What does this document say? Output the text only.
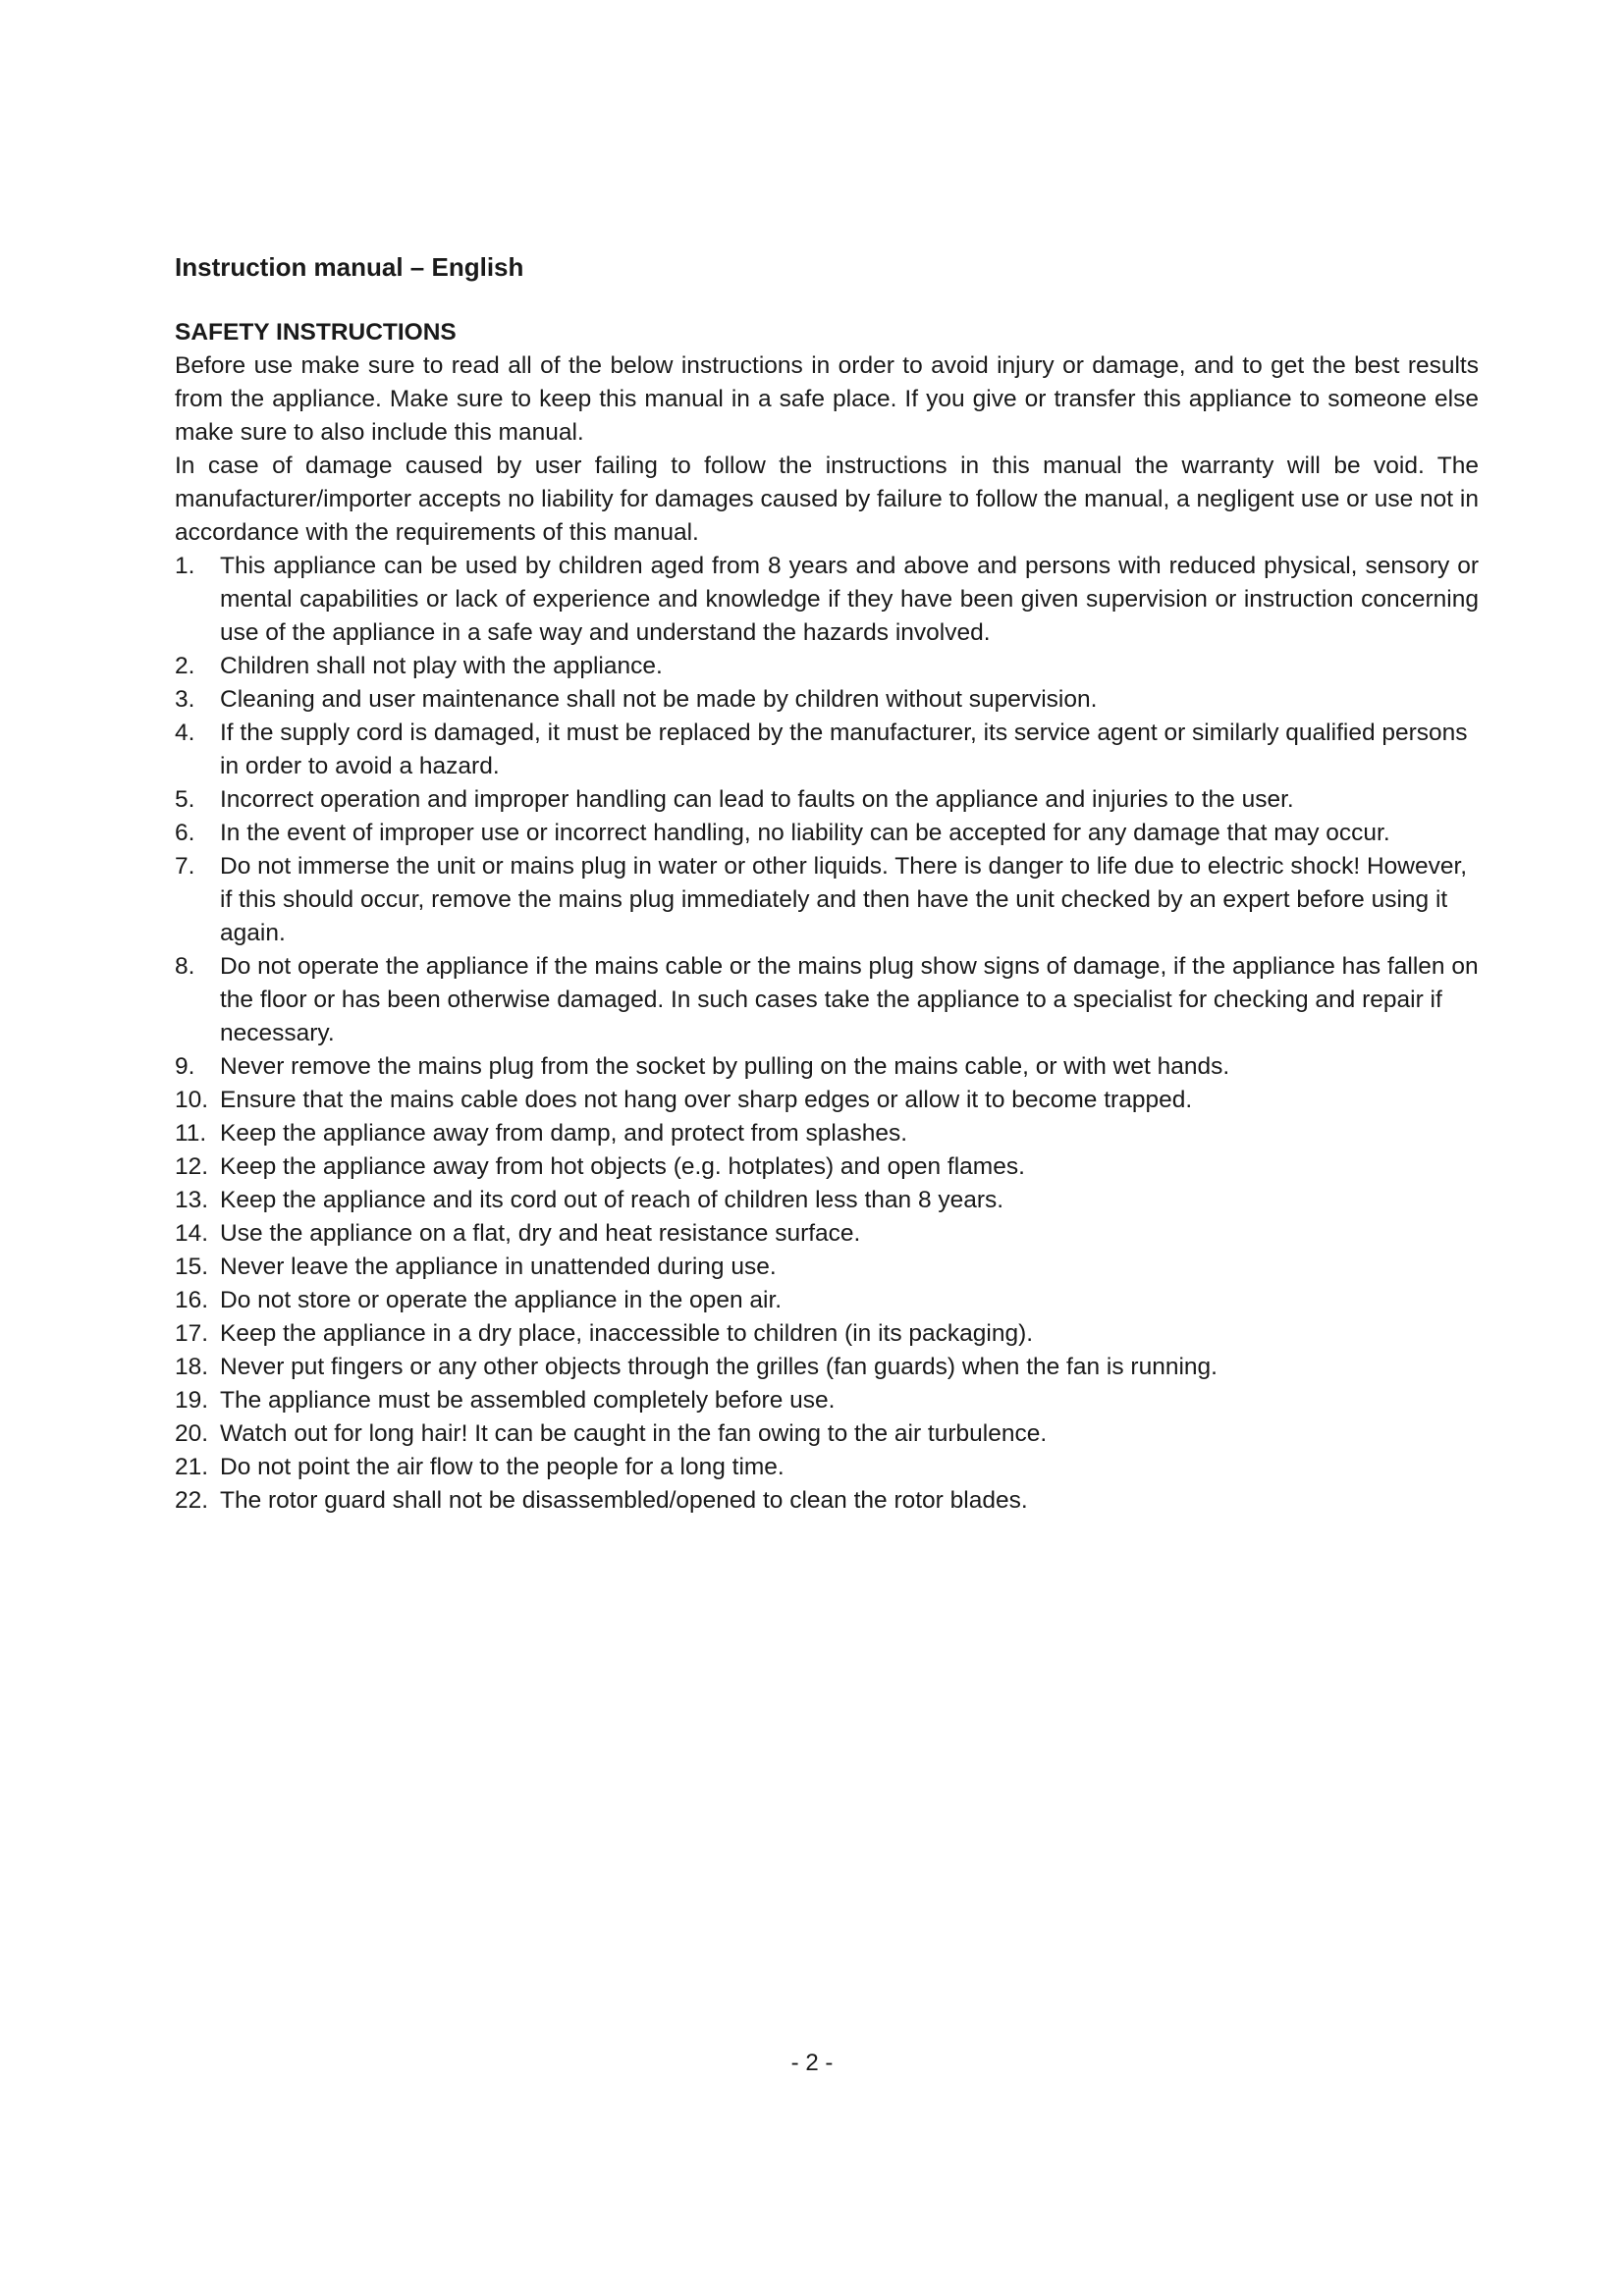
Instruction manual – English
SAFETY INSTRUCTIONS

Before use make sure to read all of the below instructions in order to avoid injury or damage, and to get the best results from the appliance. Make sure to keep this manual in a safe place. If you give or transfer this appliance to someone else make sure to also include this manual.

In case of damage caused by user failing to follow the instructions in this manual the warranty will be void. The manufacturer/importer accepts no liability for damages caused by failure to follow the manual, a negligent use or use not in accordance with the requirements of this manual.

1.	This appliance can be used by children aged from 8 years and above and persons with reduced physical, sensory or mental capabilities or lack of experience and knowledge if they have been given supervision or instruction concerning use of the appliance in a safe way and understand the hazards involved.
2.	Children shall not play with the appliance.
3.	Cleaning and user maintenance shall not be made by children without supervision.
4.	If the supply cord is damaged, it must be replaced by the manufacturer, its service agent or similarly qualified persons in order to avoid a hazard.
5.	Incorrect operation and improper handling can lead to faults on the appliance and injuries to the user.
6.	In the event of improper use or incorrect handling, no liability can be accepted for any damage that may occur.
7.	Do not immerse the unit or mains plug in water or other liquids. There is danger to life due to electric shock! However, if this should occur, remove the mains plug immediately and then have the unit checked by an expert before using it again.
8.	Do not operate the appliance if the mains cable or the mains plug show signs of damage, if the appliance has fallen on the floor or has been otherwise damaged. In such cases take the appliance to a specialist for checking and repair if necessary.
9.	Never remove the mains plug from the socket by pulling on the mains cable, or with wet hands.
10. Ensure that the mains cable does not hang over sharp edges or allow it to become trapped.
11. Keep the appliance away from damp, and protect from splashes.
12. Keep the appliance away from hot objects (e.g. hotplates) and open flames.
13. Keep the appliance and its cord out of reach of children less than 8 years.
14. Use the appliance on a flat, dry and heat resistance surface.
15. Never leave the appliance in unattended during use.
16. Do not store or operate the appliance in the open air.
17. Keep the appliance in a dry place, inaccessible to children (in its packaging).
18. Never put fingers or any other objects through the grilles (fan guards) when the fan is running.
19. The appliance must be assembled completely before use.
20. Watch out for long hair! It can be caught in the fan owing to the air turbulence.
21. Do not point the air flow to the people for a long time.
22. The rotor guard shall not be disassembled/opened to clean the rotor blades.
- 2 -
